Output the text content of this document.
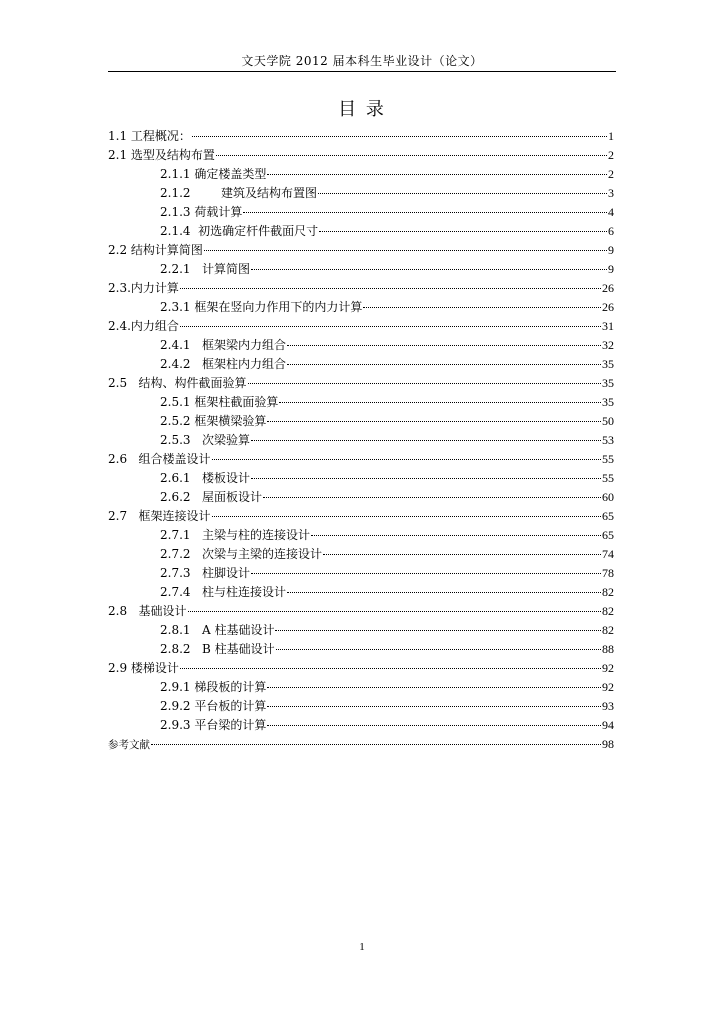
文天学院 2012 届本科生毕业设计（论文）
目 录
1.1 工程概况：	1
2.1 选型及结构布置	2
2.1.1 确定楼盖类型	2
2.1.2        建筑及结构布置图	3
2.1.3 荷载计算	4
2.1.4  初选确定杆件截面尺寸	6
2.2 结构计算简图	9
2.2.1   计算简图	9
2.3.内力计算	26
2.3.1 框架在竖向力作用下的内力计算	26
2.4.内力组合	31
2.4.1   框架梁内力组合	32
2.4.2   框架柱内力组合	35
2.5   结构、构件截面验算	35
2.5.1 框架柱截面验算	35
2.5.2 框架横梁验算	50
2.5.3   次梁验算	53
2.6   组合楼盖设计	55
2.6.1   楼板设计	55
2.6.2   屋面板设计	60
2.7   框架连接设计	65
2.7.1   主梁与柱的连接设计	65
2.7.2   次梁与主梁的连接设计	74
2.7.3   柱脚设计	78
2.7.4   柱与柱连接设计	82
2.8   基础设计	82
2.8.1   A 柱基础设计	82
2.8.2   B 柱基础设计	88
2.9 楼梯设计	92
2.9.1 梯段板的计算	92
2.9.2 平台板的计算	93
2.9.3 平台梁的计算	94
参考文献	98
1
